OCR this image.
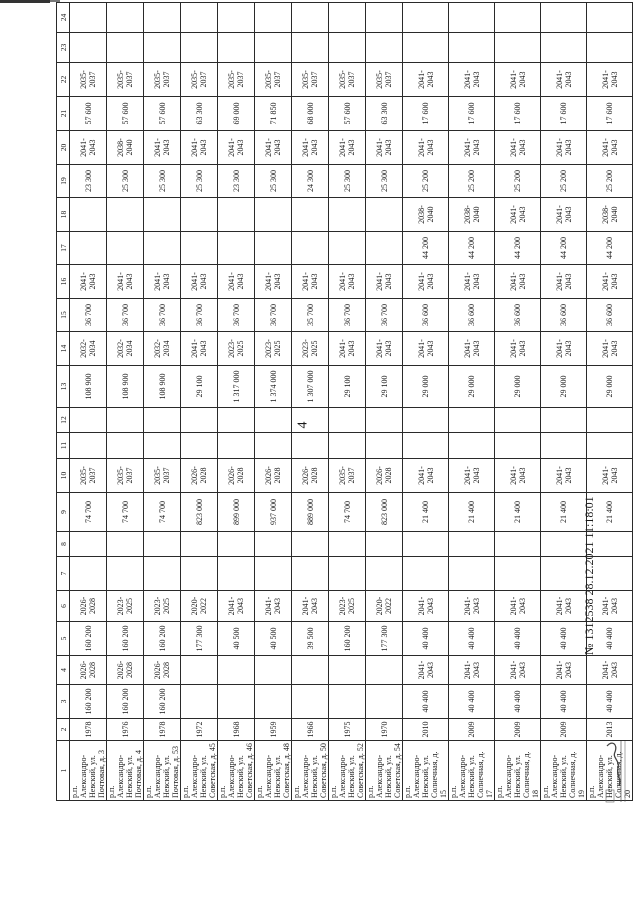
4
1	2	3	4	5	6	7	8	9	10	11	12	13	14	15	16	17	18	19	20	21	22	23	24
р.п. Александро-Невский, ул. Почтовая, д. 3	1978	160 200	2026-2028	160 200	2026-2028			74 700	2035-2037			108 900	2032-2034	36 700	2041-2043			23 300	2041-2043	57 600	2035-2037		
р.п. Александро-Невский, ул. Почтовая, д. 4	1976	160 200	2026-2028	160 200	2023-2025			74 700	2035-2037			108 900	2032-2034	36 700	2041-2043			25 300	2038-2040	57 600	2035-2037		
р.п. Александро-Невский, ул. Почтовая, д. 53	1978	160 200	2026-2028	160 200	2023-2025			74 700	2035-2037			108 900	2032-2034	36 700	2041-2043			25 300	2041-2043	57 600	2035-2037		
р.п. Александро-Невский, ул. Советская, д. 45	1972			177 300	2020-2022			823 000	2026-2028			29 100	2041-2043	36 700	2041-2043			25 300	2041-2043	63 300	2035-2037		
р.п. Александро-Невский, ул. Советская, д. 46	1968			40 500	2041-2043			899 000	2026-2028			1 317 000	2023-2025	36 700	2041-2043			23 300	2041-2043	69 000	2035-2037		
р.п. Александро-Невский, ул. Советская, д. 48	1959			40 500	2041-2043			937 000	2026-2028			1 374 000	2023-2025	36 700	2041-2043			25 300	2041-2043	71 850	2035-2037		
р.п. Александро-Невский, ул. Советская, д. 50	1966			39 500	2041-2043			889 000	2026-2028			1 307 000	2023-2025	35 700	2041-2043			24 300	2041-2043	68 000	2035-2037		
р.п. Александро-Невский, ул. Советская, д. 52	1975			160 200	2023-2025			74 700	2035-2037			29 100	2041-2043	36 700	2041-2043			25 300	2041-2043	57 600	2035-2037		
р.п. Александро-Невский, ул. Советская, д. 54	1970			177 300	2020-2022			823 000	2026-2028			29 100	2041-2043	36 700	2041-2043			25 300	2041-2043	63 300	2035-2037		
р.п. Александро-Невский, ул. Солнечная, д. 15	2010	40 400	2041-2043	40 400	2041-2043			21 400	2041-2043			29 000	2041-2043	36 600	2041-2043	44 200	2038-2040	25 200	2041-2043	17 600	2041-2043		
р.п. Александро-Невский, ул. Солнечная, д. 17	2009	40 400	2041-2043	40 400	2041-2043			21 400	2041-2043			29 000	2041-2043	36 600	2041-2043	44 200	2038-2040	25 200	2041-2043	17 600	2041-2043		
р.п. Александро-Невский, ул. Солнечная, д. 18	2009	40 400	2041-2043	40 400	2041-2043			21 400	2041-2043			29 000	2041-2043	36 600	2041-2043	44 200	2041-2043	25 200	2041-2043	17 600	2041-2043		
р.п. Александро-Невский, ул. Солнечная, д. 19	2009	40 400	2041-2043	40 400	2041-2043			21 400	2041-2043			29 000	2041-2043	36 600	2041-2043	44 200	2041-2043	25 200	2041-2043	17 600	2041-2043		
р.п. Александро-Невский, ул. Солнечная, д. 20	2013	40 400	2041-2043	40 400	2041-2043			21 400	2041-2043			29 000	2041-2043	36 600	2041-2043	44 200	2038-2040	25 200	2041-2043	17 600	2041-2043		
№ 1312538 28.12.2021 11:18:01
